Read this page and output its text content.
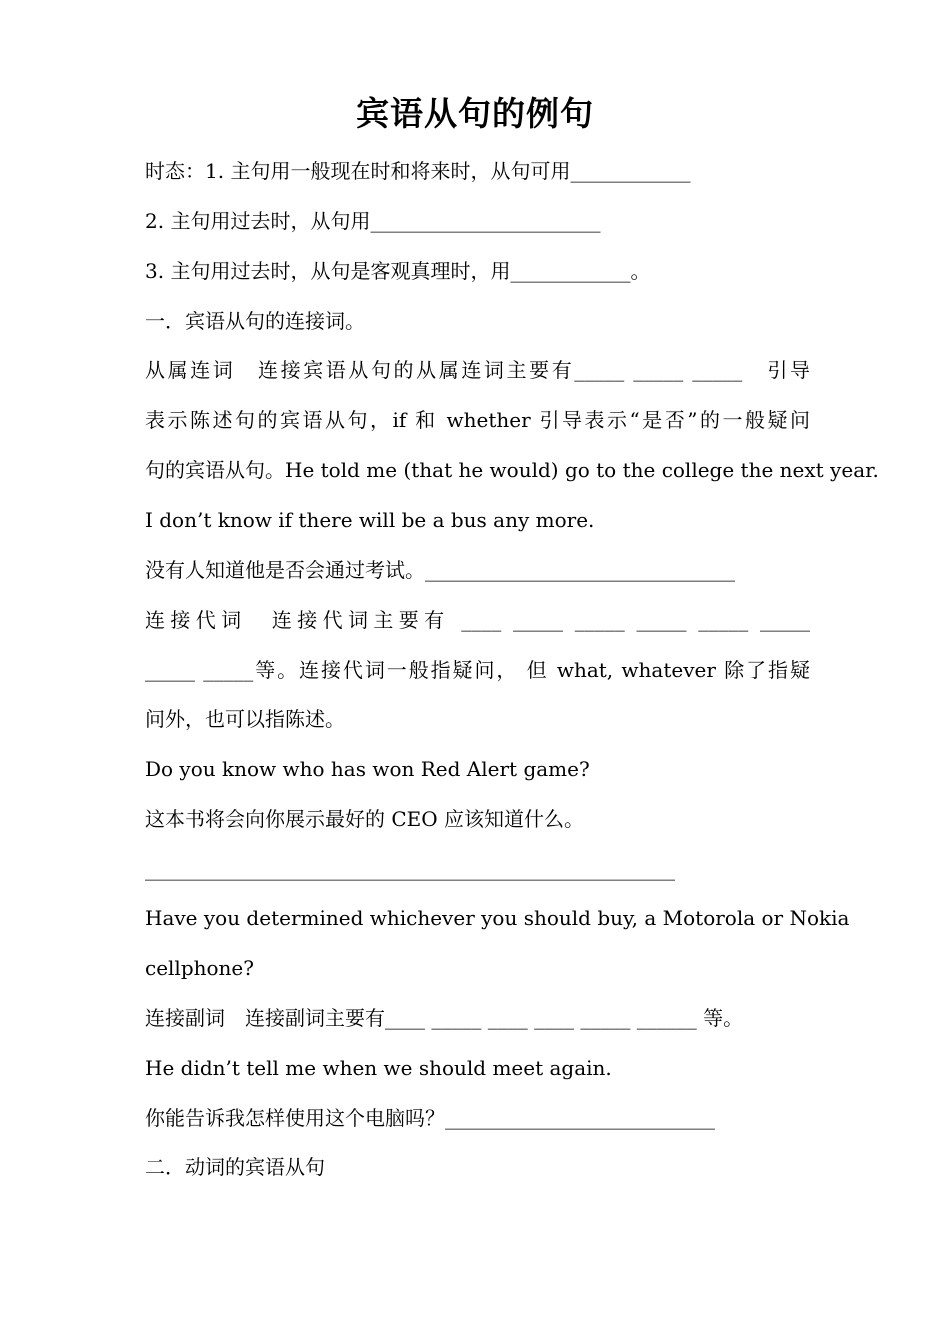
宾语从句的例句
时态：1. 主句用一般现在时和将来时，从句可用____________
2. 主句用过去时，从句用_______________________
3. 主句用过去时，从句是客观真理时，用____________。
一．宾语从句的连接词。
从属连词　连接宾语从句的从属连词主要有_____ _____ _____　引导
表示陈述句的宾语从句，if 和 whether 引导表示“是否”的一般疑问
句的宾语从句。He told me (that he would) go to the college the next year.
I don’t know if there will be a bus any more.
没有人知道他是否会通过考试。_______________________________
连接代词　连接代词主要有 ____ _____ _____ _____ _____ _____
_____ _____等。连接代词一般指疑问， 但 what, whatever 除了指疑
问外，也可以指陈述。
Do you know who has won Red Alert game?
这本书将会向你展示最好的 CEO 应该知道什么。
_____________________________________________________
Have you determined whichever you should buy, a Motorola or Nokia
cellphone?
连接副词　连接副词主要有____ _____ ____ ____ _____ ______ 等。
He didn’t tell me when we should meet again.
你能告诉我怎样使用这个电脑吗？___________________________
二．动词的宾语从句
